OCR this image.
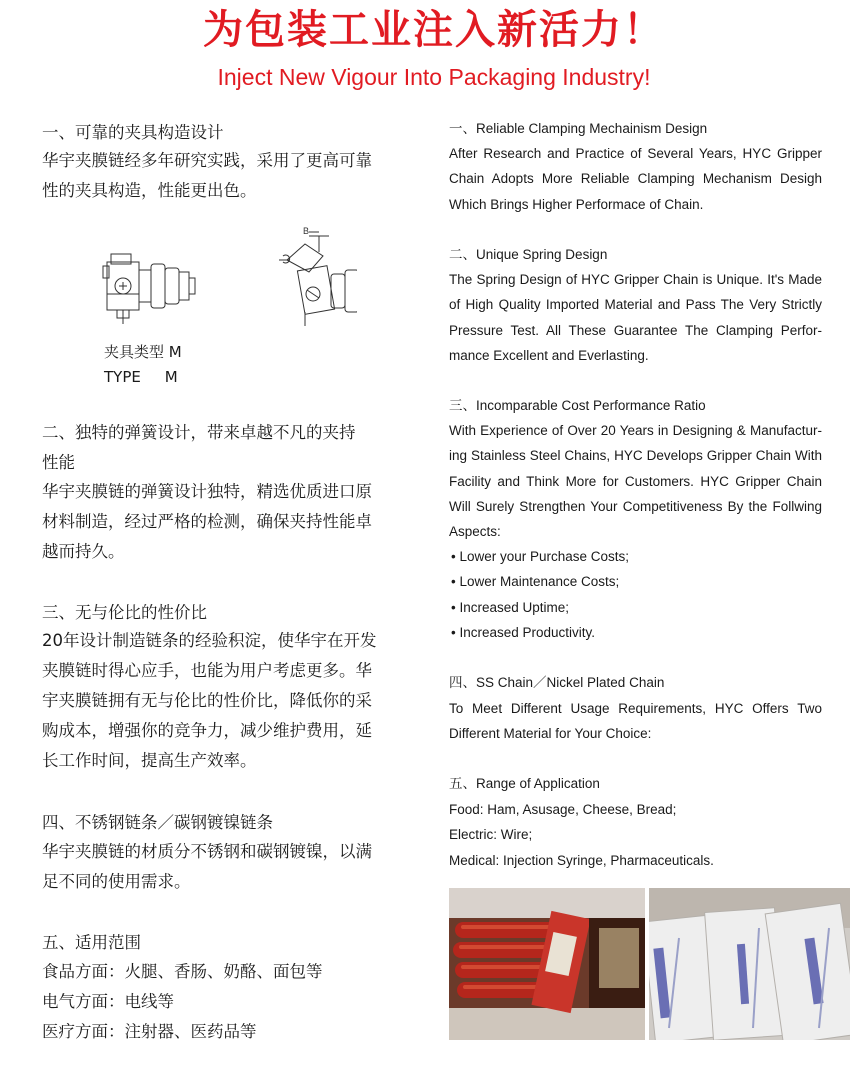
为包装工业注入新活力！
Inject New Vigour Into Packaging Industry!
一、可靠的夹具构造设计
华宇夹膜链经多年研究实践，采用了更高可靠
性的夹具构造，性能更出色。
B
夹具类型 M
TYPE     M
二、独特的弹簧设计，带来卓越不凡的夹持
性能
华宇夹膜链的弹簧设计独特，精选优质进口原
材料制造，经过严格的检测，确保夹持性能卓
越而持久。
三、无与伦比的性价比
20年设计制造链条的经验积淀，使华宇在开发
夹膜链时得心应手，也能为用户考虑更多。华
宇夹膜链拥有无与伦比的性价比，降低你的采
购成本，增强你的竞争力，减少维护费用，延
长工作时间，提高生产效率。
四、不锈钢链条／碳钢镀镍链条
华宇夹膜链的材质分不锈钢和碳钢镀镍，以满
足不同的使用需求。
五、适用范围
食品方面：火腿、香肠、奶酪、面包等
电气方面：电线等
医疗方面：注射器、医药品等
一、Reliable Clamping Mechainism Design
After Research and Practice of Several Years, HYC Gripper
Chain Adopts More Reliable Clamping Mechanism Desigh
Which Brings Higher Performace of Chain.
二、Unique Spring Design
The Spring Design of HYC Gripper Chain is Unique. It's Made
of High Quality Imported Material and Pass The Very Strictly
Pressure Test. All These Guarantee The Clamping Perfor-
mance Excellent and Everlasting.
三、Incomparable Cost Performance Ratio
With Experience of Over 20 Years in Designing & Manufactur-
ing Stainless Steel Chains, HYC Develops Gripper Chain With
Facility and Think More for Customers. HYC Gripper Chain
Will Surely Strengthen Your Competitiveness By the Follwing
Aspects:
• Lower your Purchase Costs;
• Lower Maintenance Costs;
• Increased Uptime;
• Increased Productivity.
四、SS Chain／Nickel Plated Chain
To Meet Different Usage Requirements, HYC Offers Two
Different Material for Your Choice:
五、Range of Application
Food: Ham, Asusage, Cheese, Bread;
Electric: Wire;
Medical: Injection Syringe, Pharmaceuticals.
